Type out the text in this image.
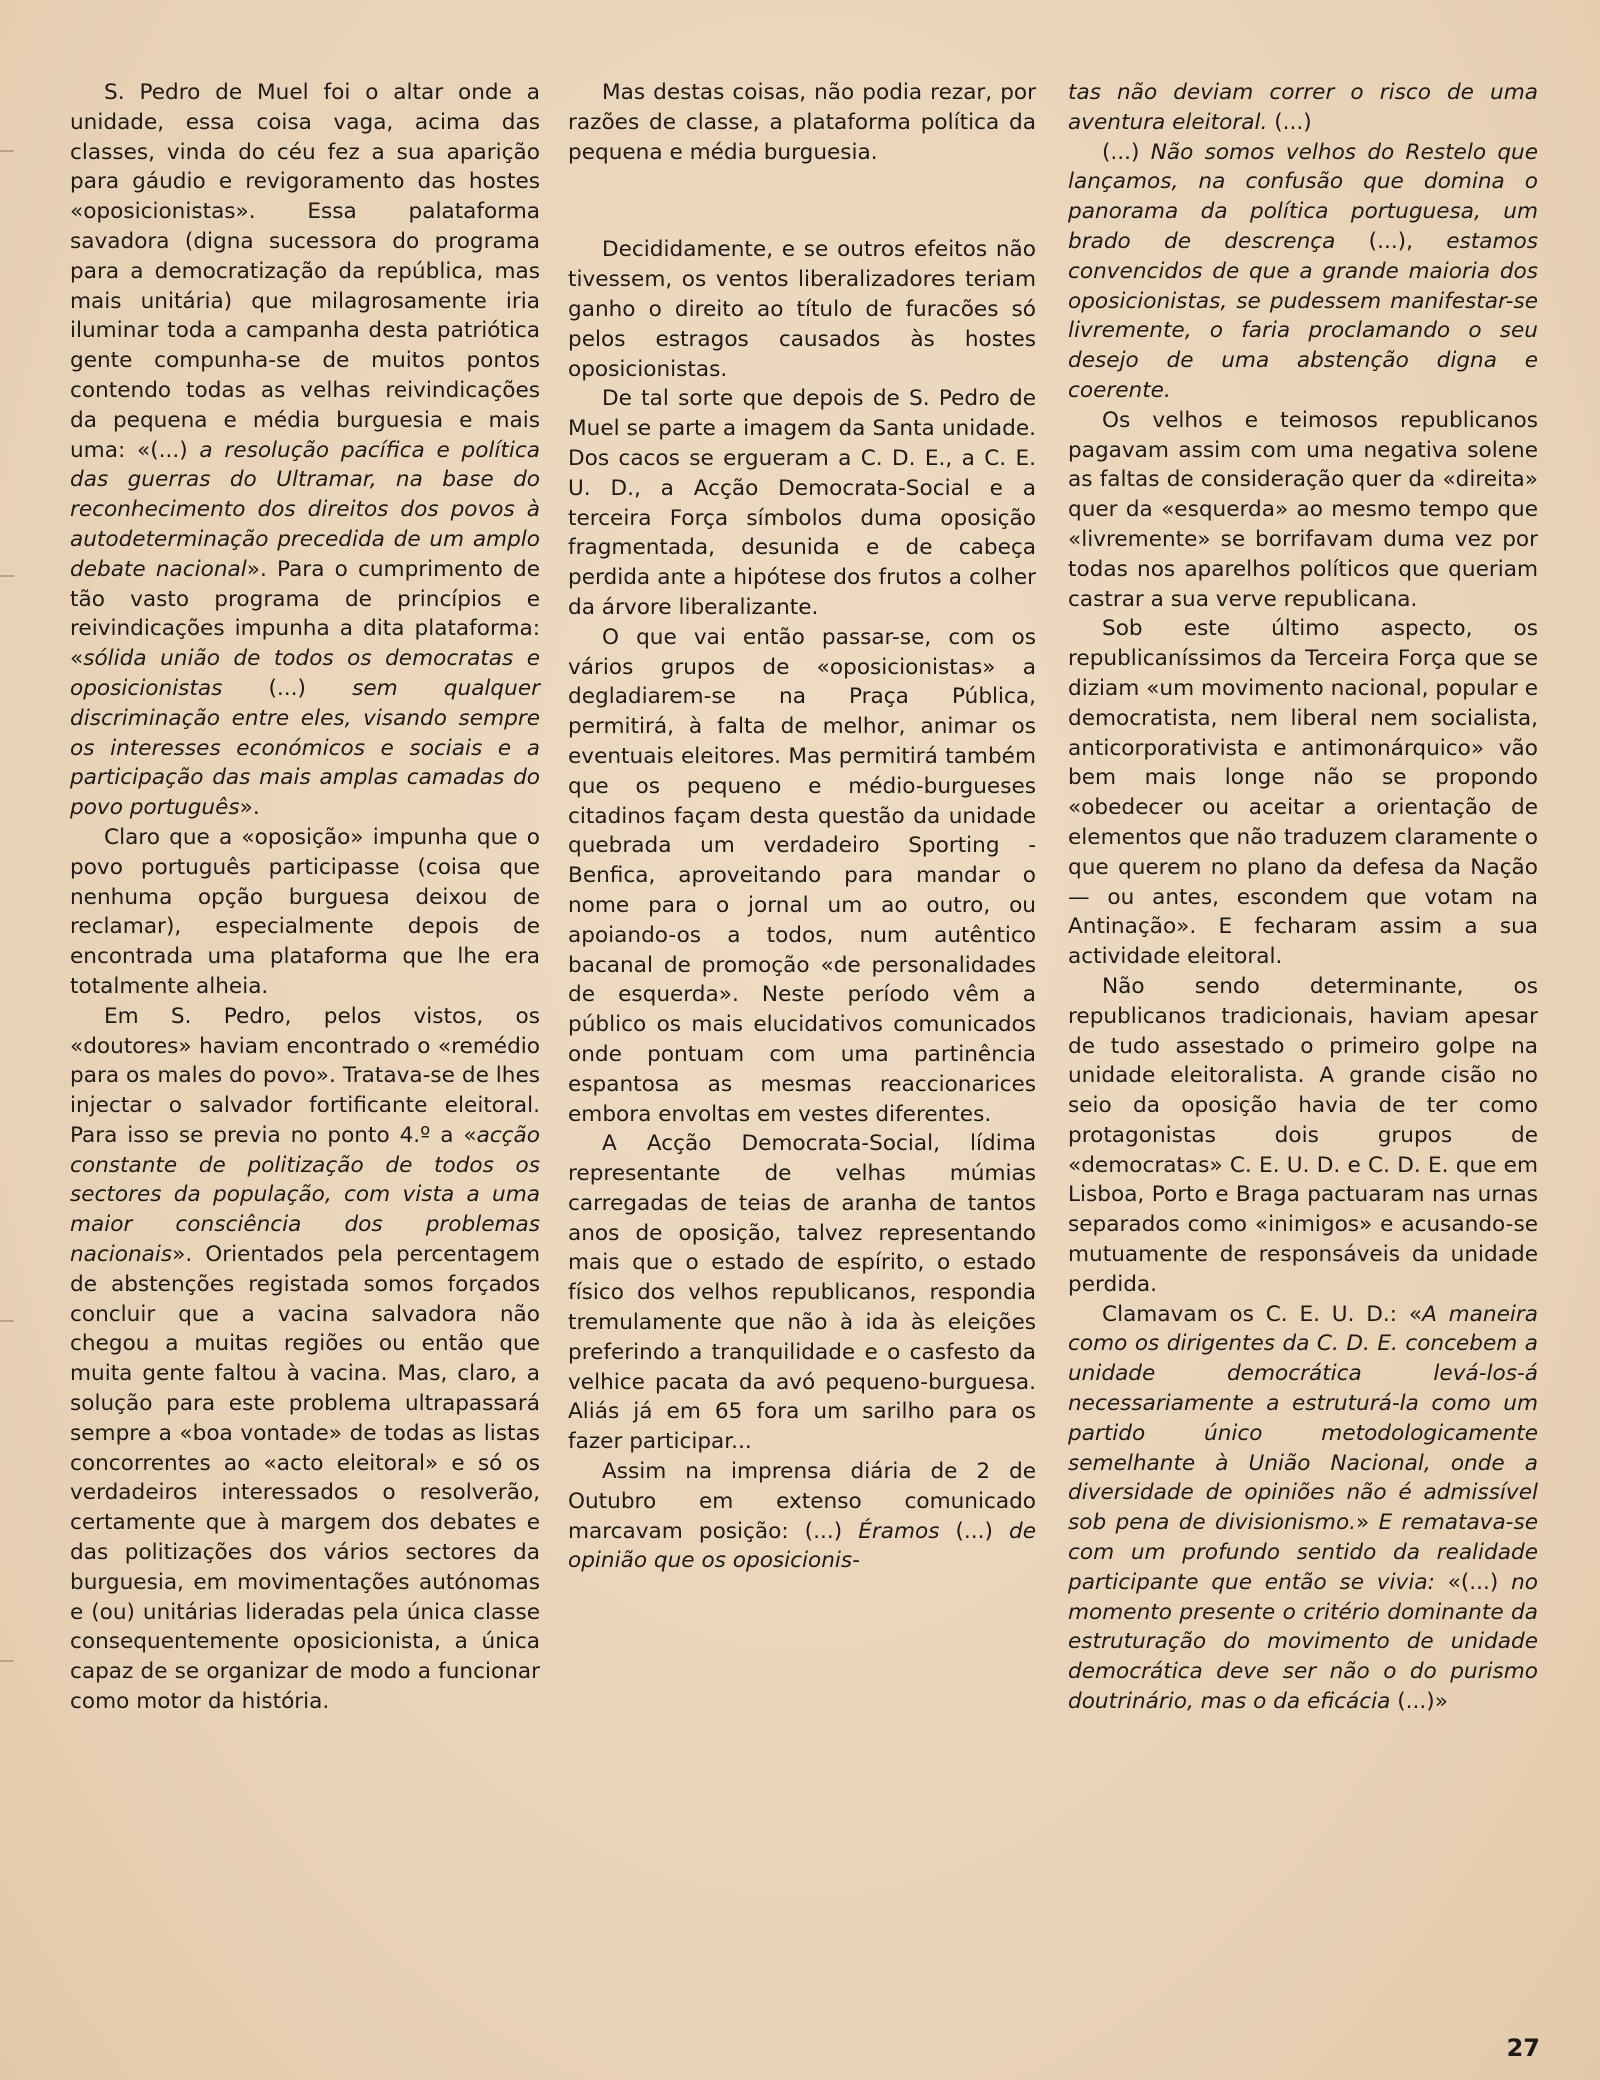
S. Pedro de Muel foi o altar onde a unidade, essa coisa vaga, acima das classes, vinda do céu fez a sua aparição para gáudio e revigoramento das hostes «oposicionistas». Essa palataforma savadora (digna sucessora do programa para a democratização da república, mas mais unitária) que milagrosamente iria iluminar toda a campanha desta patriótica gente compunha-se de muitos pontos contendo todas as velhas reivindicações da pequena e média burguesia e mais uma: «(...) a resolução pacífica e política das guerras do Ultramar, na base do reconhecimento dos direitos dos povos à autodeterminação precedida de um amplo debate nacional». Para o cumprimento de tão vasto programa de princípios e reivindicações impunha a dita plataforma: «sólida união de todos os democratas e oposicionistas (...) sem qualquer discriminação entre eles, visando sempre os interesses económicos e sociais e a participação das mais amplas camadas do povo português».

Claro que a «oposição» impunha que o povo português participasse (coisa que nenhuma opção burguesa deixou de reclamar), especialmente depois de encontrada uma plataforma que lhe era totalmente alheia.

Em S. Pedro, pelos vistos, os «doutores» haviam encontrado o «remédio para os males do povo». Tratava-se de lhes injectar o salvador fortificante eleitoral. Para isso se previa no ponto 4.º a «acção constante de politização de todos os sectores da população, com vista a uma maior consciência dos problemas nacionais». Orientados pela percentagem de abstenções registada somos forçados concluir que a vacina salvadora não chegou a muitas regiões ou então que muita gente faltou à vacina. Mas, claro, a solução para este problema ultrapassará sempre a «boa vontade» de todas as listas concorrentes ao «acto eleitoral» e só os verdadeiros interessados o resolverão, certamente que à margem dos debates e das politizações dos vários sectores da burguesia, em movimentações autónomas e (ou) unitárias lideradas pela única classe consequentemente oposicionista, a única capaz de se organizar de modo a funcionar como motor da história.

Mas destas coisas, não podia rezar, por razões de classe, a plataforma política da pequena e média burguesia.

Decididamente, e se outros efeitos não tivessem, os ventos liberalizadores teriam ganho o direito ao título de furacões só pelos estragos causados às hostes oposicionistas.

De tal sorte que depois de S. Pedro de Muel se parte a imagem da Santa unidade. Dos cacos se ergueram a C. D. E., a C. E. U. D., a Acção Democrata-Social e a terceira Força símbolos duma oposição fragmentada, desunida e de cabeça perdida ante a hipótese dos frutos a colher da árvore liberalizante.

O que vai então passar-se, com os vários grupos de «oposicionistas» a degladiarem-se na Praça Pública, permitirá, à falta de melhor, animar os eventuais eleitores. Mas permitirá também que os pequeno e médio-burgueses citadinos façam desta questão da unidade quebrada um verdadeiro Sporting - Benfica, aproveitando para mandar o nome para o jornal um ao outro, ou apoiando-os a todos, num autêntico bacanal de promoção «de personalidades de esquerda». Neste período vêm a público os mais elucidativos comunicados onde pontuam com uma partinência espantosa as mesmas reaccionarices embora envoltas em vestes diferentes.

A Acção Democrata-Social, lídima representante de velhas múmias carregadas de teias de aranha de tantos anos de oposição, talvez representando mais que o estado de espírito, o estado físico dos velhos republicanos, respondia tremulamente que não à ida às eleições preferindo a tranquilidade e o casfesto da velhice pacata da avó pequeno-burguesa. Aliás já em 65 fora um sarilho para os fazer participar...

Assim na imprensa diária de 2 de Outubro em extenso comunicado marcavam posição: (...) Éramos (...) de opinião que os oposicionis-

tas não deviam correr o risco de uma aventura eleitoral. (...)

(...) Não somos velhos do Restelo que lançamos, na confusão que domina o panorama da política portuguesa, um brado de descrença (...), estamos convencidos de que a grande maioria dos oposicionistas, se pudessem manifestar-se livremente, o faria proclamando o seu desejo de uma abstenção digna e coerente.

Os velhos e teimosos republicanos pagavam assim com uma negativa solene as faltas de consideração quer da «direita» quer da «esquerda» ao mesmo tempo que «livremente» se borrifavam duma vez por todas nos aparelhos políticos que queriam castrar a sua verve republicana.

Sob este último aspecto, os republicaníssimos da Terceira Força que se diziam «um movimento nacional, popular e democratista, nem liberal nem socialista, anticorporativista e antimonárquico» vão bem mais longe não se propondo «obedecer ou aceitar a orientação de elementos que não traduzem claramente o que querem no plano da defesa da Nação — ou antes, escondem que votam na Antinação». E fecharam assim a sua actividade eleitoral.

Não sendo determinante, os republicanos tradicionais, haviam apesar de tudo assestado o primeiro golpe na unidade eleitoralista. A grande cisão no seio da oposição havia de ter como protagonistas dois grupos de «democratas» C. E. U. D. e C. D. E. que em Lisboa, Porto e Braga pactuaram nas urnas separados como «inimigos» e acusando-se mutuamente de responsáveis da unidade perdida.

Clamavam os C. E. U. D.: «A maneira como os dirigentes da C. D. E. concebem a unidade democrática levá-los-á necessariamente a estruturá-la como um partido único metodologicamente semelhante à União Nacional, onde a diversidade de opiniões não é admissível sob pena de divisionismo.» E rematava-se com um profundo sentido da realidade participante que então se vivia: «(...) no momento presente o critério dominante da estruturação do movimento de unidade democrática deve ser não o do purismo doutrinário, mas o da eficácia (...)»

27
